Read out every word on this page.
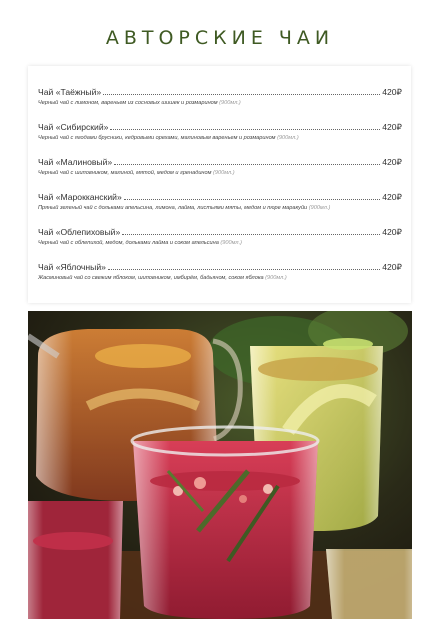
АВТОРСКИЕ ЧАИ
Чай «Таёжный»	420₽
Черный чай с лимоном, вареньем из сосновых шишек и розмарином (900мл.)
Чай «Сибирский»	420₽
Черный чай с ягодами брусники, кедровыми орехами, малиновым вареньем и розмарином (900мл.)
Чай «Малиновый»	420₽
Черный чай с шиповником, малиной, мятой, медом и гренадином (900мл.)
Чай «Марокканский»	420₽
Пряный зеленый чай с дольками апельсина, лимона, лайма, листьями мяты, медом и пюре маракуйи (900мл.)
Чай «Облепиховый»	420₽
Черный чай с облепихой, медом, дольками лайма и соком апельсина (900мл.)
Чай «Яблочный»	420₽
Жасминовый чай со свежим яблоком, шиповником, имбирём, бадьяном, соком яблока (900мл.)
